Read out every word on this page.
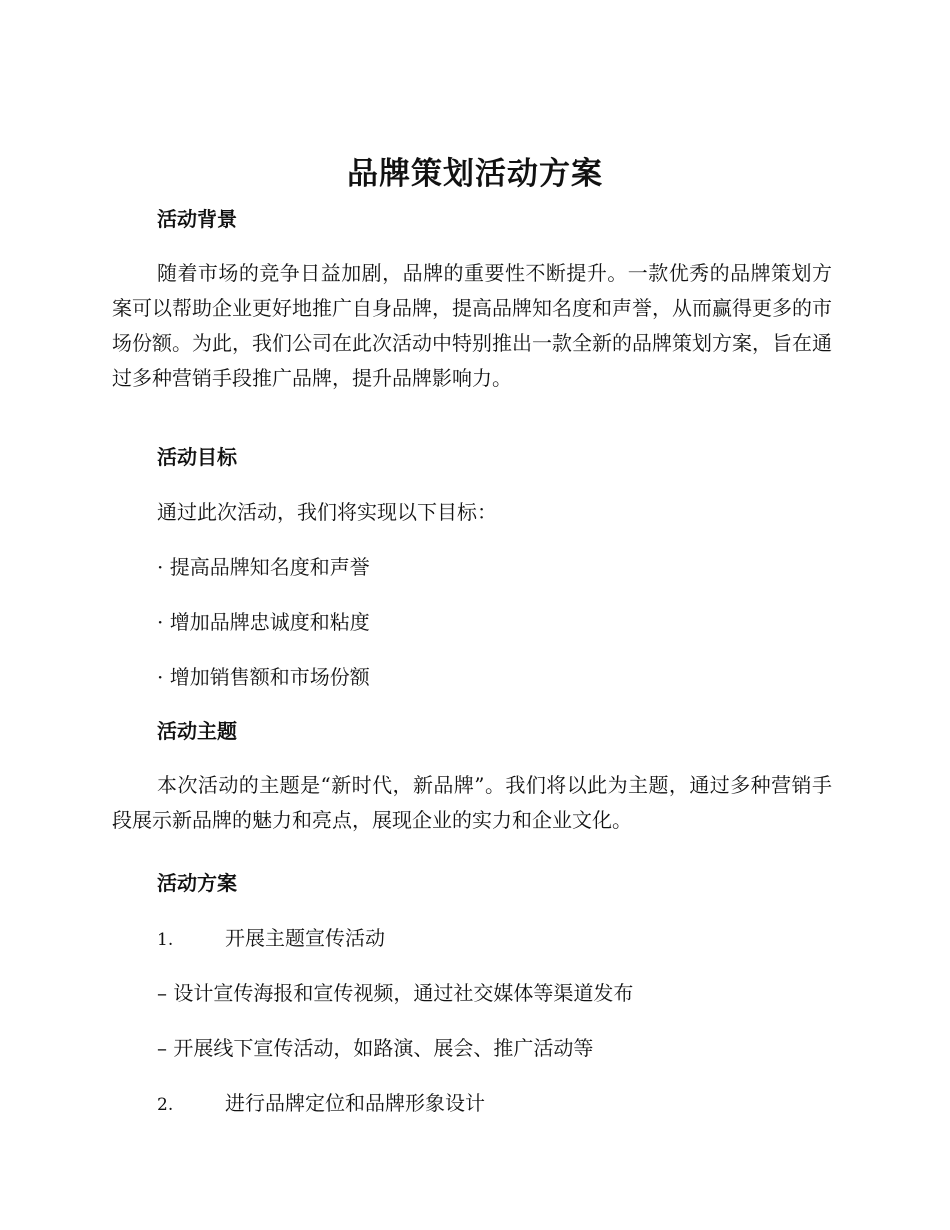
品牌策划活动方案
活动背景

随着市场的竞争日益加剧，品牌的重要性不断提升。一款优秀的品牌策划方案可以帮助企业更好地推广自身品牌，提高品牌知名度和声誉，从而赢得更多的市场份额。为此，我们公司在此次活动中特别推出一款全新的品牌策划方案，旨在通过多种营销手段推广品牌，提升品牌影响力。

活动目标

通过此次活动，我们将实现以下目标：

· 提高品牌知名度和声誉

· 增加品牌忠诚度和粘度

· 增加销售额和市场份额

活动主题

本次活动的主题是“新时代，新品牌”。我们将以此为主题，通过多种营销手段展示新品牌的魅力和亮点，展现企业的实力和企业文化。

活动方案

1.	开展主题宣传活动

– 设计宣传海报和宣传视频，通过社交媒体等渠道发布

– 开展线下宣传活动，如路演、展会、推广活动等

2.	进行品牌定位和品牌形象设计
